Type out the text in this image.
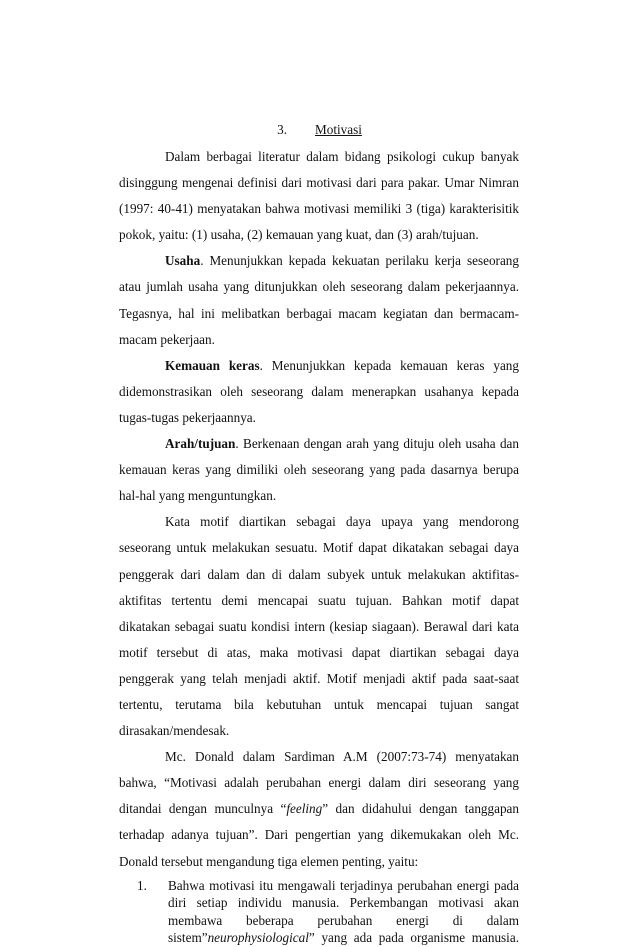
3. Motivasi

Dalam berbagai literatur dalam bidang psikologi cukup banyak disinggung mengenai definisi dari motivasi dari para pakar. Umar Nimran (1997: 40-41) menyatakan bahwa motivasi memiliki 3 (tiga) karakterisitik pokok, yaitu: (1) usaha, (2) kemauan yang kuat, dan (3) arah/tujuan.

Usaha. Menunjukkan kepada kekuatan perilaku kerja seseorang atau jumlah usaha yang ditunjukkan oleh seseorang dalam pekerjaannya. Tegasnya, hal ini melibatkan berbagai macam kegiatan dan bermacam-macam pekerjaan.

Kemauan keras. Menunjukkan kepada kemauan keras yang didemonstrasikan oleh seseorang dalam menerapkan usahanya kepada tugas-tugas pekerjaannya.

Arah/tujuan. Berkenaan dengan arah yang dituju oleh usaha dan kemauan keras yang dimiliki oleh seseorang yang pada dasarnya berupa hal-hal yang menguntungkan.

Kata motif diartikan sebagai daya upaya yang mendorong seseorang untuk melakukan sesuatu. Motif dapat dikatakan sebagai daya penggerak dari dalam dan di dalam subyek untuk melakukan aktifitas-aktifitas tertentu demi mencapai suatu tujuan. Bahkan motif dapat dikatakan sebagai suatu kondisi intern (kesiap siagaan). Berawal dari kata motif tersebut di atas, maka motivasi dapat diartikan sebagai daya penggerak yang telah menjadi aktif. Motif menjadi aktif pada saat-saat tertentu, terutama bila kebutuhan untuk mencapai tujuan sangat dirasakan/mendesak.

Mc. Donald dalam Sardiman A.M (2007:73-74) menyatakan bahwa, “Motivasi adalah perubahan energi dalam diri seseorang yang ditandai dengan munculnya “feeling” dan didahului dengan tanggapan terhadap adanya tujuan”. Dari pengertian yang dikemukakan oleh Mc. Donald tersebut mengandung tiga elemen penting, yaitu:

1. Bahwa motivasi itu mengawali terjadinya perubahan energi pada diri setiap individu manusia. Perkembangan motivasi akan membawa beberapa perubahan energi di dalam sistem”neurophysiological” yang ada pada organisme manusia.
